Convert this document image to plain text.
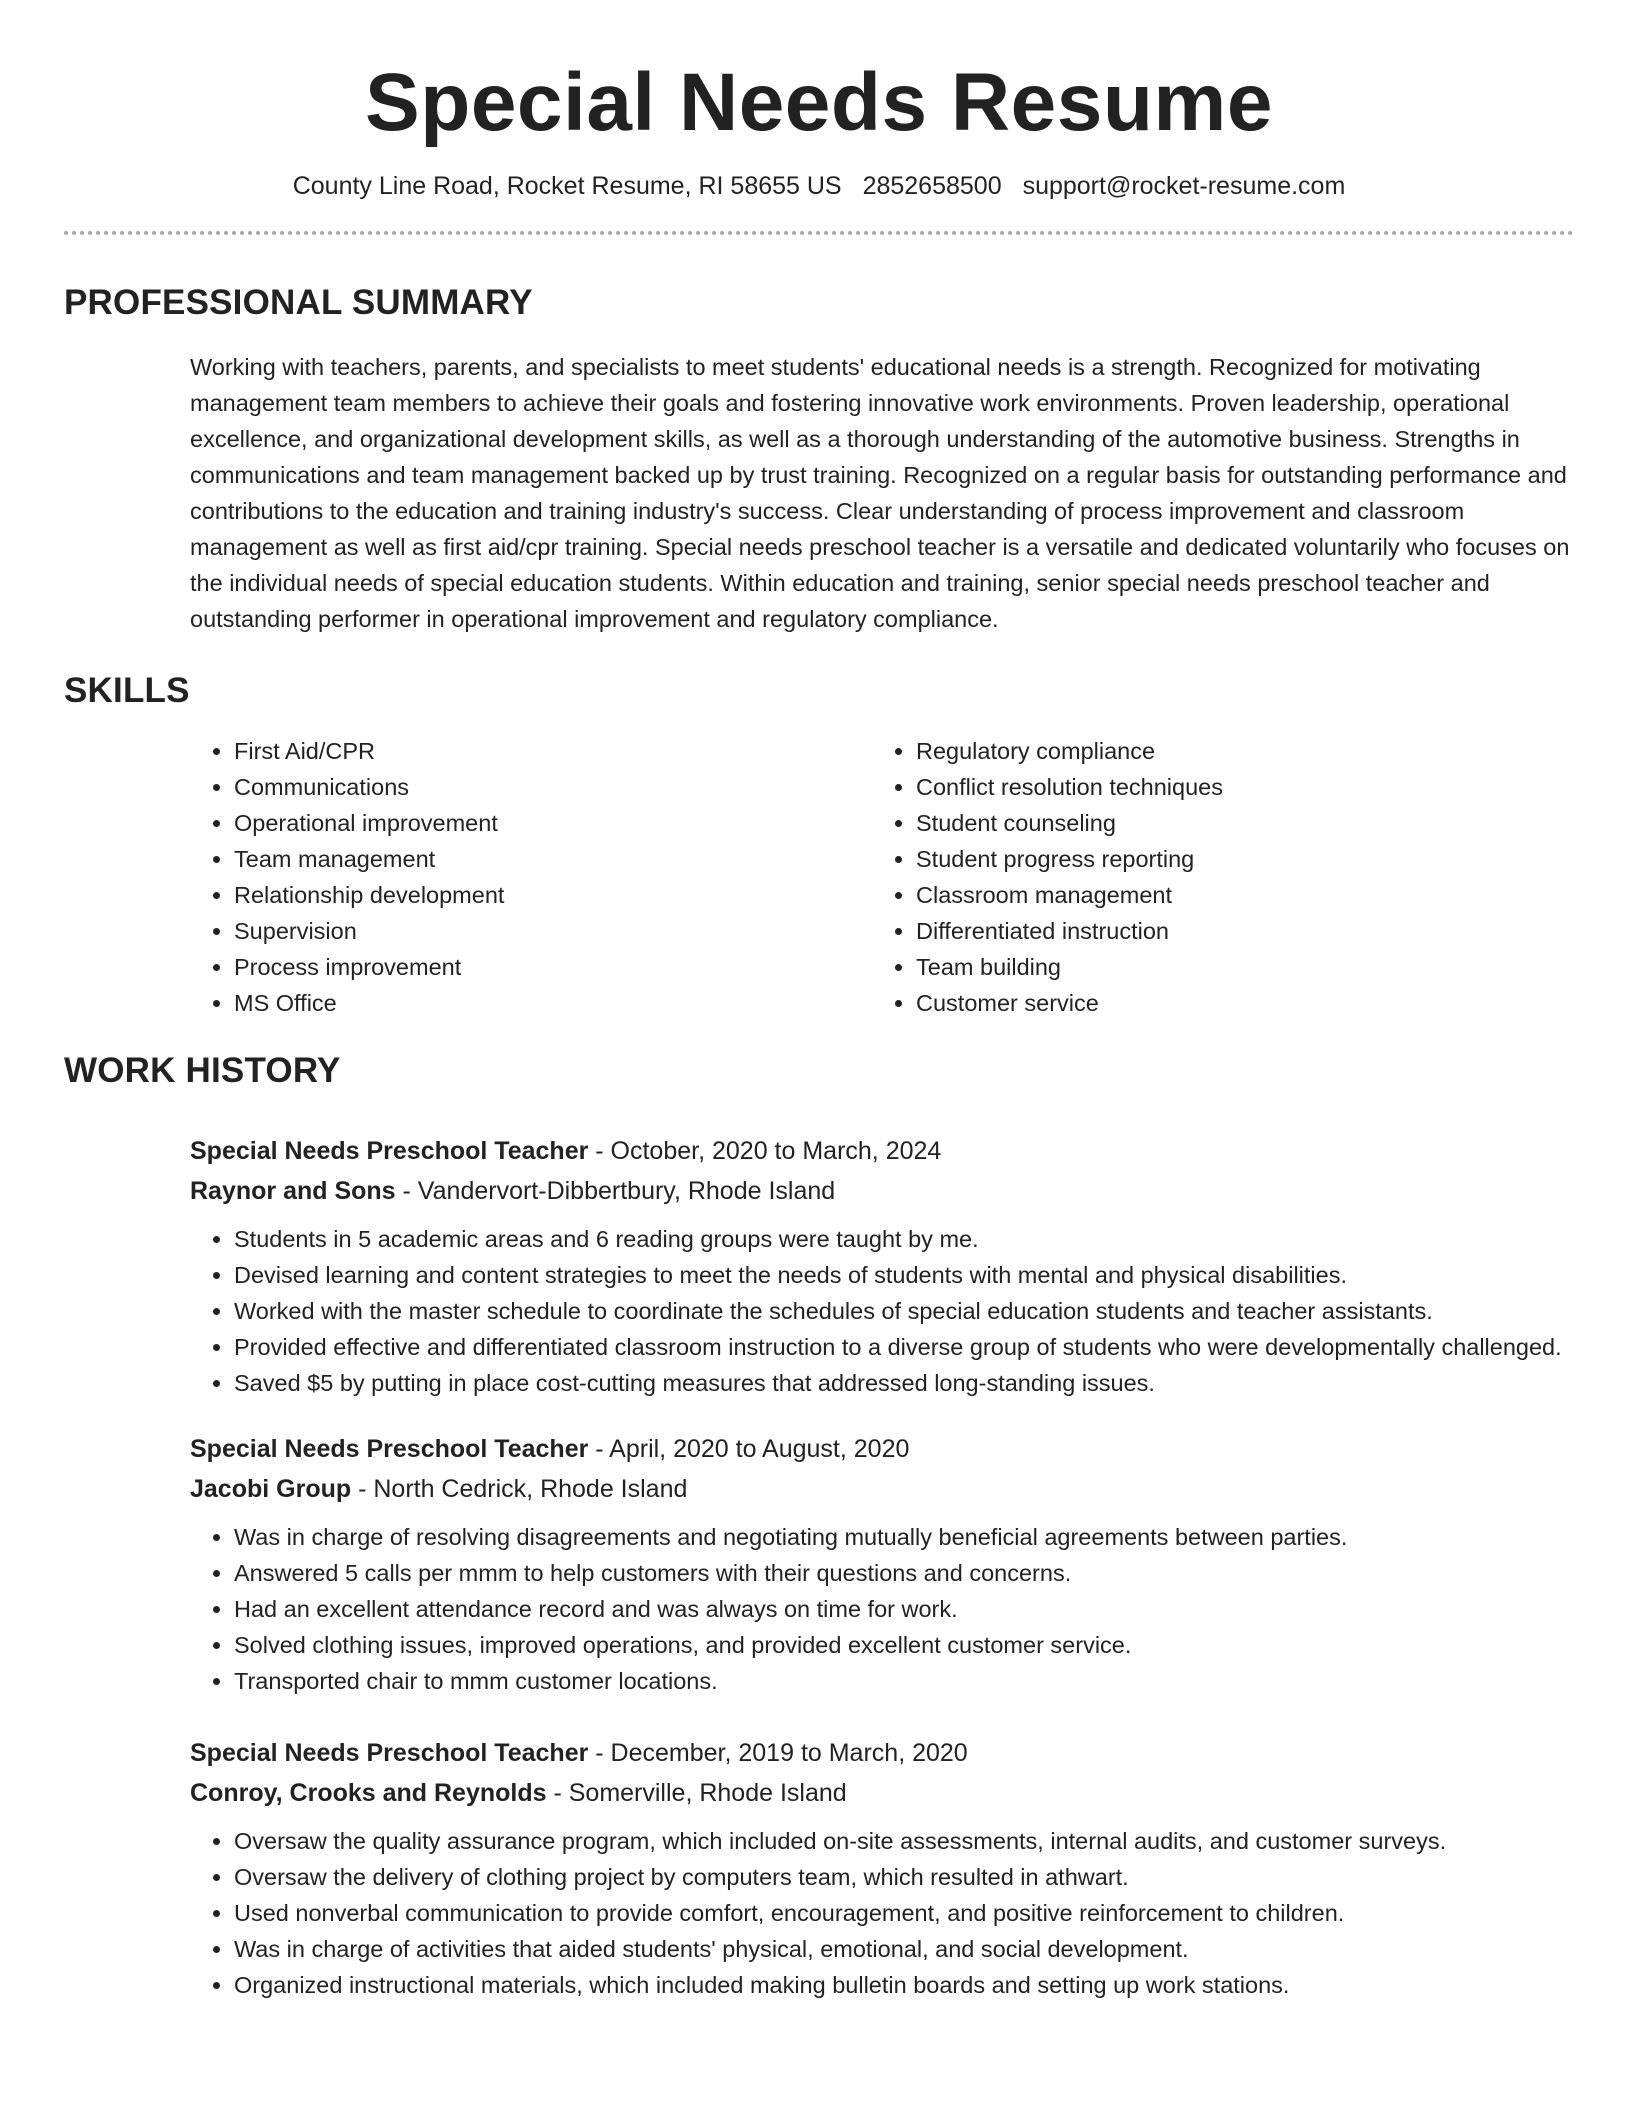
Special Needs Resume
County Line Road, Rocket Resume, RI 58655 US 2852658500 support@rocket-resume.com
PROFESSIONAL SUMMARY

Working with teachers, parents, and specialists to meet students' educational needs is a strength. Recognized for motivating management team members to achieve their goals and fostering innovative work environments. Proven leadership, operational excellence, and organizational development skills, as well as a thorough understanding of the automotive business. Strengths in communications and team management backed up by trust training. Recognized on a regular basis for outstanding performance and contributions to the education and training industry's success. Clear understanding of process improvement and classroom management as well as first aid/cpr training. Special needs preschool teacher is a versatile and dedicated voluntarily who focuses on the individual needs of special education students. Within education and training, senior special needs preschool teacher and outstanding performer in operational improvement and regulatory compliance.

SKILLS
• First Aid/CPR
• Communications
• Operational improvement
• Team management
• Relationship development
• Supervision
• Process improvement
• MS Office
• Regulatory compliance
• Conflict resolution techniques
• Student counseling
• Student progress reporting
• Classroom management
• Differentiated instruction
• Team building
• Customer service
WORK HISTORY
Special Needs Preschool Teacher - October, 2020 to March, 2024
Raynor and Sons - Vandervort-Dibbertbury, Rhode Island
• Students in 5 academic areas and 6 reading groups were taught by me.
• Devised learning and content strategies to meet the needs of students with mental and physical disabilities.
• Worked with the master schedule to coordinate the schedules of special education students and teacher assistants.
• Provided effective and differentiated classroom instruction to a diverse group of students who were developmentally challenged.
• Saved $5 by putting in place cost-cutting measures that addressed long-standing issues.
Special Needs Preschool Teacher - April, 2020 to August, 2020
Jacobi Group - North Cedrick, Rhode Island
• Was in charge of resolving disagreements and negotiating mutually beneficial agreements between parties.
• Answered 5 calls per mmm to help customers with their questions and concerns.
• Had an excellent attendance record and was always on time for work.
• Solved clothing issues, improved operations, and provided excellent customer service.
• Transported chair to mmm customer locations.
Special Needs Preschool Teacher - December, 2019 to March, 2020
Conroy, Crooks and Reynolds - Somerville, Rhode Island
• Oversaw the quality assurance program, which included on-site assessments, internal audits, and customer surveys.
• Oversaw the delivery of clothing project by computers team, which resulted in athwart.
• Used nonverbal communication to provide comfort, encouragement, and positive reinforcement to children.
• Was in charge of activities that aided students' physical, emotional, and social development.
• Organized instructional materials, which included making bulletin boards and setting up work stations.
